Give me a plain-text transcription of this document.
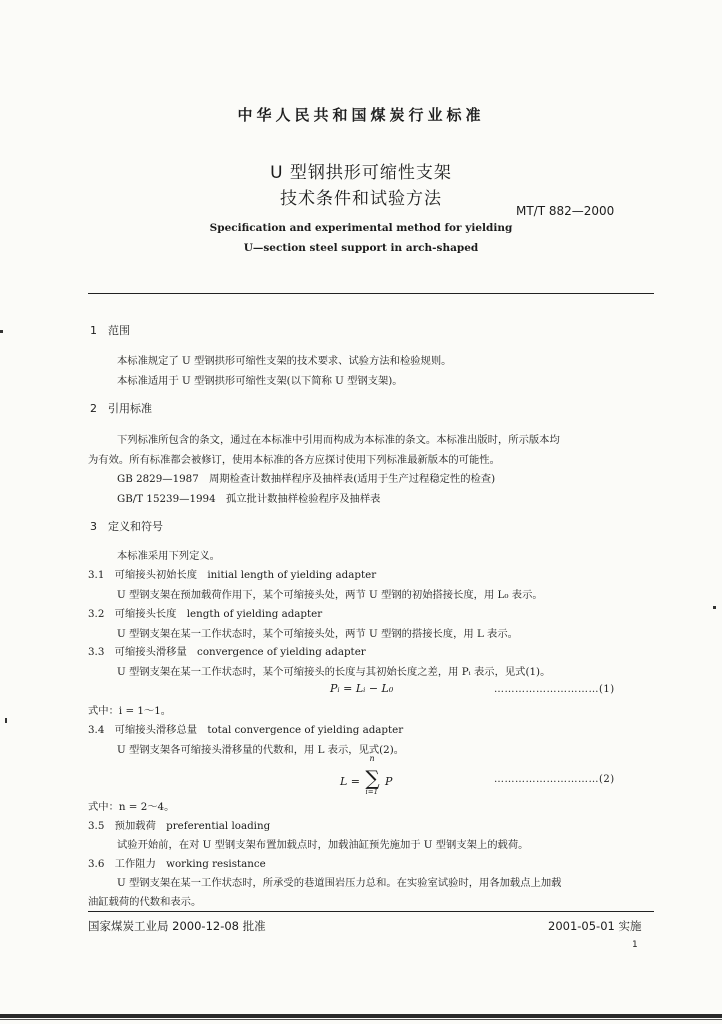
中华人民共和国煤炭行业标准
U 型钢拱形可缩性支架
技术条件和试验方法
MT/T 882—2000
Specification and experimental method for yielding
U—section steel support in arch-shaped
1　范围
本标准规定了 U 型钢拱形可缩性支架的技术要求、试验方法和检验规则。
本标准适用于 U 型钢拱形可缩性支架(以下简称 U 型钢支架)。
2　引用标准
下列标准所包含的条文，通过在本标准中引用而构成为本标准的条文。本标准出版时，所示版本均
为有效。所有标准都会被修订，使用本标准的各方应探讨使用下列标准最新版本的可能性。
GB 2829—1987　周期检查计数抽样程序及抽样表(适用于生产过程稳定性的检查)
GB/T 15239—1994　孤立批计数抽样检验程序及抽样表
3　定义和符号
本标准采用下列定义。
3.1　可缩接头初始长度　initial length of yielding adapter
U 型钢支架在预加载荷作用下，某个可缩接头处，两节 U 型钢的初始搭接长度，用 L₀ 表示。
3.2　可缩接头长度　length of yielding adapter
U 型钢支架在某一工作状态时，某个可缩接头处，两节 U 型钢的搭接长度，用 L 表示。
3.3　可缩接头滑移量　convergence of yielding adapter
U 型钢支架在某一工作状态时，某个可缩接头的长度与其初始长度之差，用 Pᵢ 表示，见式(1)。
Pᵢ = Lᵢ − L₀	…………………………(1)
式中：i = 1～1。
3.4　可缩接头滑移总量　total convergence of yielding adapter
U 型钢支架各可缩接头滑移量的代数和，用 L 表示，见式(2)。
L =
n
∑
i=1
P	…………………………(2)
式中：n = 2～4。
3.5　预加载荷　preferential loading
试验开始前，在对 U 型钢支架布置加载点时，加载油缸预先施加于 U 型钢支架上的载荷。
3.6　工作阻力　working resistance
U 型钢支架在某一工作状态时，所承受的巷道围岩压力总和。在实验室试验时，用各加载点上加载
油缸载荷的代数和表示。
国家煤炭工业局 2000-12-08 批准	2001-05-01 实施
1
